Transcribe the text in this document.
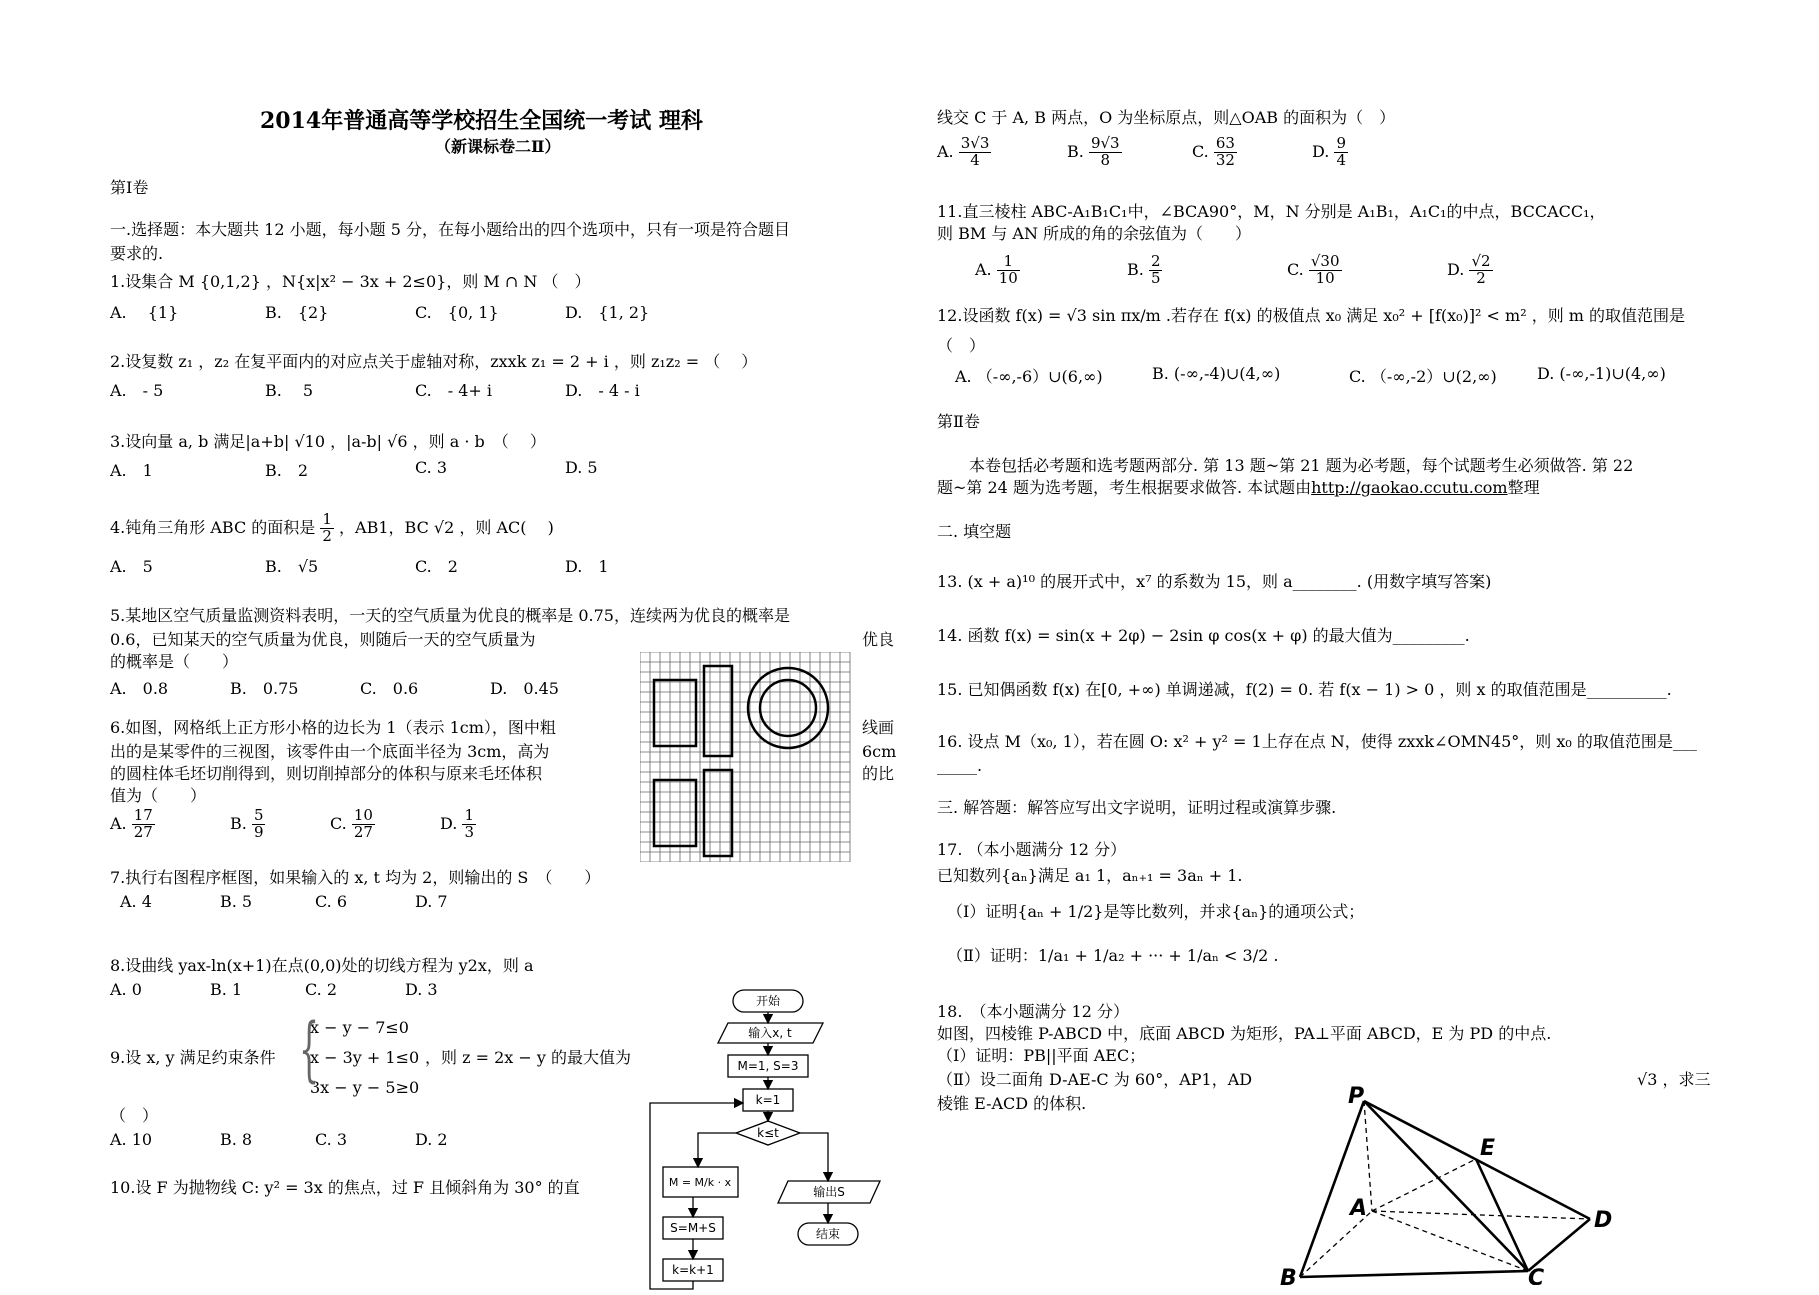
2014年普通高等学校招生全国统一考试 理科
（新课标卷二Ⅱ）
第Ⅰ卷
一.选择题：本大题共 12 小题，每小题 5 分，在每小题给出的四个选项中，只有一项是符合题目
要求的.
1.设集合 M {0,1,2} ，N{x|x² − 3x + 2≤0}，则 M ∩ N （　）
A.　 {1}	B.　{2}	C.　{0, 1}	D.　{1, 2}
2.设复数 z₁ ，z₂ 在复平面内的对应点关于虚轴对称，zxxk z₁ = 2 + i ，则 z₁z₂ = （　 ）
A.　- 5	B.　 5	C.　- 4+ i	D.　- 4 - i
3.设向量 a, b 满足|a+b| √10 ，|a-b| √6 ，则 a · b　（　 ）
A.　1	B.　2	C. 3	D. 5
4.钝角三角形 ABC 的面积是 $\frac{1}{2}$ ，AB1，BC √2 ，则 AC(　 )
A.　5	B.　√5	C.　2	D.　1
5.某地区空气质量监测资料表明，一天的空气质量为优良的概率是 0.75，连续两为优良的概率是
0.6，已知某天的空气质量为优良，则随后一天的空气质量为	优良
的概率是（　　）
A.　0.8	B.　0.75	C.　0.6	D.　0.45
6.如图，网格纸上正方形小格的边长为 1（表示 1cm），图中粗	线画
出的是某零件的三视图，该零件由一个底面半径为 3cm，高为	6cm
的圆柱体毛坯切削得到，则切削掉部分的体积与原来毛坯体积	的比
值为（　　）
A. $\frac{17}{27}$	B. $\frac{5}{9}$	C. $\frac{10}{27}$	D. $\frac{1}{3}$
7.执行右图程序框图，如果输入的 x, t 均为 2，则输出的 S　（　　）
A. 4	B. 5	C. 6	D. 7
8.设曲线 yax-ln(x+1)在点(0,0)处的切线方程为 y2x，则 a
A. 0	B. 1	C. 2	D. 3
x − y − 7≤0
9.设 x, y 满足约束条件 x − 3y + 1≤0 ，则 z = 2x − y 的最大值为
3x − y − 5≥0
{
（　）
A. 10	B. 8	C. 3	D. 2
10.设 F 为抛物线 C: y² = 3x 的焦点，过 F 且倾斜角为 30° 的直
开始
输入x, t
M=1, S=3
k=1
k≤t
M = M/k · x
S=M+S
k=k+1
输出S
结束
线交 C 于 A, B 两点，O 为坐标原点，则△OAB 的面积为（　）
A. $\frac{3√3}{4}$	B. $\frac{9√3}{8}$	C. $\frac{63}{32}$	D. $\frac{9}{4}$
11.直三棱柱 ABC-A₁B₁C₁中，∠BCA90°，M，N 分别是 A₁B₁，A₁C₁的中点，BCCACC₁，
则 BM 与 AN 所成的角的余弦值为（　　）
A. $\frac{1}{10}$	B. $\frac{2}{5}$	C. $\frac{√30}{10}$	D. $\frac{√2}{2}$
12.设函数 f(x) = √3 sin πx/m .若存在 f(x) 的极值点 x₀ 满足 x₀² + [f(x₀)]² < m² ，则 m 的取值范围是
（　）
A. （-∞,-6）∪(6,∞)	B. (-∞,-4)∪(4,∞)	C. （-∞,-2）∪(2,∞)	D. (-∞,-1)∪(4,∞)
第Ⅱ卷
　　本卷包括必考题和选考题两部分. 第 13 题~第 21 题为必考题，每个试题考生必须做答. 第 22
题~第 24 题为选考题，考生根据要求做答. 本试题由http://gaokao.ccutu.com整理
二. 填空题
13. (x + a)¹⁰ 的展开式中，x⁷ 的系数为 15，则 a________. (用数字填写答案)
14. 函数 f(x) = sin(x + 2φ) − 2sin φ cos(x + φ) 的最大值为_________.
15. 已知偶函数 f(x) 在[0, +∞) 单调递减，f(2) = 0. 若 f(x − 1) > 0 ，则 x 的取值范围是__________.
16. 设点 M（x₀, 1），若在圆 O: x² + y² = 1上存在点 N，使得 zxxk∠OMN45°，则 x₀ 的取值范围是___
_____.
三. 解答题：解答应写出文字说明，证明过程或演算步骤.
17. （本小题满分 12 分）
已知数列{aₙ}满足 a₁ 1，aₙ₊₁ = 3aₙ + 1.
（Ⅰ）证明{aₙ + 1/2}是等比数列，并求{aₙ}的通项公式；
（Ⅱ）证明：1/a₁ + 1/a₂ + ··· + 1/aₙ < 3/2 .
18.　（本小题满分 12 分）
如图，四棱锥 P-ABCD 中，底面 ABCD 为矩形，PA⊥平面 ABCD，E 为 PD 的中点.
（Ⅰ）证明：PB||平面 AEC；
（Ⅱ）设二面角 D-AE-C 为 60°，AP1，AD	√3 ，求三
棱锥 E-ACD 的体积.	P
E
A	D
B	C
